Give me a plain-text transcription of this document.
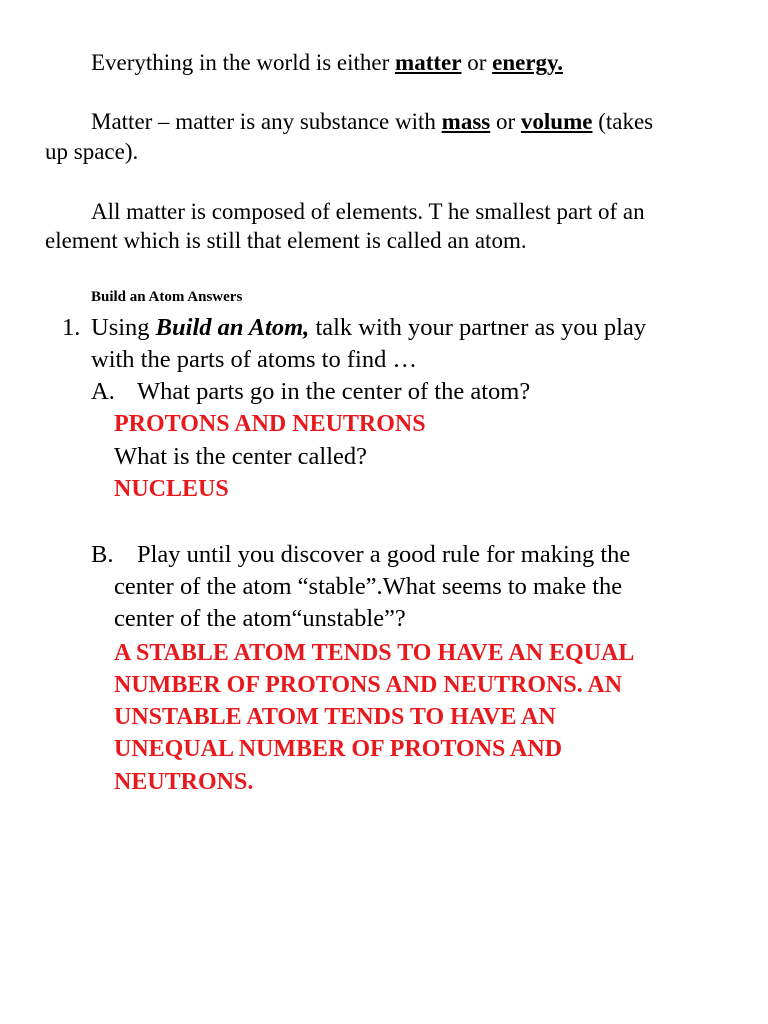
Everything in the world is either matter or energy.
Matter – matter is any substance with mass or volume (takes
up space).
All matter is composed of elements. T he smallest part of an
element which is still that element is called an atom.
Build an Atom Answers
1. Using Build an Atom, talk with your partner as you play
with the parts of atoms to find …
A. What parts go in the center of the atom?
PROTONS AND NEUTRONS
What is the center called?
NUCLEUS
B. Play until you discover a good rule for making the
center of the atom “stable”.What seems to make the
center of the atom“unstable”?
A STABLE ATOM TENDS TO HAVE AN EQUAL
NUMBER OF PROTONS AND NEUTRONS. AN
UNSTABLE ATOM TENDS TO HAVE AN
UNEQUAL NUMBER OF PROTONS AND
NEUTRONS.
